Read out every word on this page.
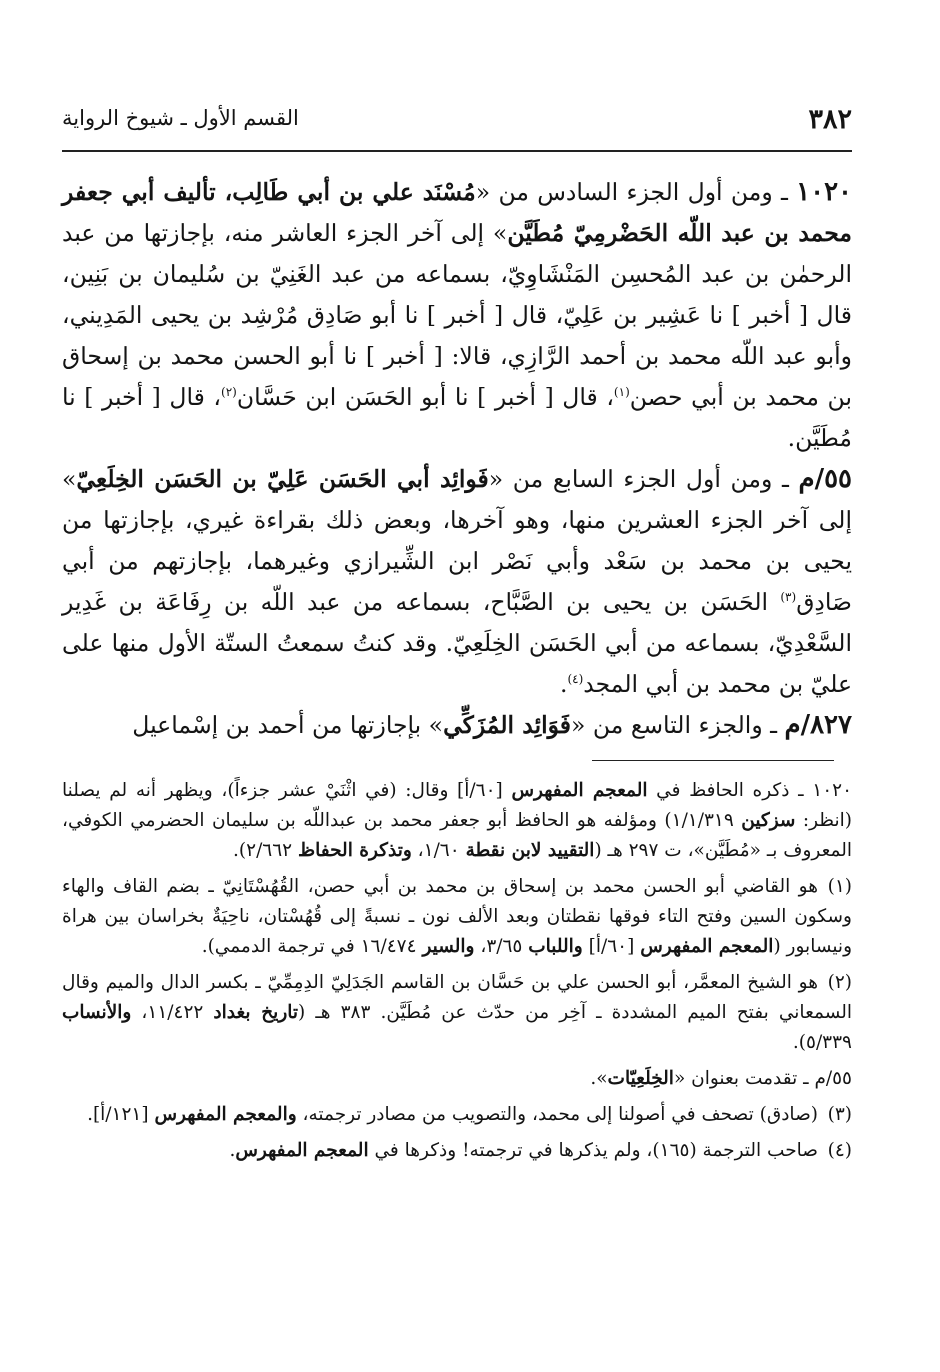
٣٨٢
القسم الأول ـ شيوخ الرواية

١٠٢٠ ـ ومن أول الجزء السادس من «مُسْنَد علي بن أبي طَالِب، تأليف أبي جعفر محمد بن عبد اللّه الحَضْرمِيّ مُطَيَّن» إلى آخر الجزء العاشر منه، بإجازتها من عبد الرحمٰن بن عبد المُحسِن المَنْشَاوِيّ، بسماعه من عبد الغَنِيّ بن سُليمان بن بَنِين، قال [ أخبر ] نا عَشِير بن عَلِيّ، قال [ أخبر ] نا أبو صَادِق مُرْشِد بن يحيى المَدِيني، وأبو عبد اللّه محمد بن أحمد الرَّازِي، قالا: [ أخبر ] نا أبو الحسن محمد بن إسحاق بن محمد بن أبي حصن$^{(١)}$، قال [ أخبر ] نا أبو الحَسَن ابن حَسَّان$^{(٢)}$، قال [ أخبر ] نا مُطَيَّن.

٥٥/م ـ ومن أول الجزء السابع من «فَوائِد أبي الحَسَن عَلِيّ بن الحَسَن الخِلَعِيّ» إلى آخر الجزء العشرين منها، وهو آخرها، وبعض ذلك بقراءة غيري، بإجازتها من يحيى بن محمد بن سَعْد وأبي نَصْر ابن الشِّيرازي وغيرهما، بإجازتهم من أبي صَادِق$^{(٣)}$ الحَسَن بن يحيى بن الصَّبَّاح، بسماعه من عبد اللّه بن رِفَاعَة بن غَدِير السَّعْدِيّ، بسماعه من أبي الحَسَن الخِلَعِيّ. وقد كنتُ سمعتُ الستّة الأول منها على عليّ بن محمد بن أبي المجد$^{(٤)}$.

٨٢٧/م ـ والجزء التاسع من «فَوَائِد المُزَكِّي» بإجازتها من أحمد بن إسْماعيل

١٠٢٠ ـ ذكره الحافظ في المعجم المفهرس [٦٠/أ] وقال: (في اثْنَيْ عشر جزءاً)، ويظهر أنه لم يصلنا (انظر: سزكين ١/١/٣١٩) ومؤلفه هو الحافظ أبو جعفر محمد بن عبداللّه بن سليمان الحضرمي الكوفي، المعروف بـ «مُطَيَّن»، ت ٢٩٧ هـ (التقييد لابن نقطة ١/٦٠، وتذكرة الحفاظ ٢/٦٦٢).

(١)هو القاضي أبو الحسن محمد بن إسحاق بن محمد بن أبي حصن، القُهُسْتَانِيّ ـ بضم القاف والهاء وسكون السين وفتح التاء فوقها نقطتان وبعد الألف نون ـ نسبةً إلى قُهُسْتان، ناحِيَةٌ بخراسان بين هراة ونيسابور (المعجم المفهرس [٦٠/أ] واللباب ٣/٦٥، والسير ١٦/٤٧٤ في ترجمة الدممي).

(٢)هو الشيخ المعمَّر، أبو الحسن علي بن حَسَّان بن القاسم الجَدَلِيّ الدِمِمِّيّ ـ بكسر الدال والميم وقال السمعاني بفتح الميم المشددة ـ آخِر من حدّث عن مُطَيَّن. ٣٨٣ هـ (تاريخ بغداد ١١/٤٢٢، والأنساب ٥/٣٣٩).

٥٥/م ـ تقدمت بعنوان «الخِلَعِيّات».

(٣)(صادق) تصحف في أصولنا إلى محمد، والتصويب من مصادر ترجمته، والمعجم المفهرس [١٢١/أ].

(٤)صاحب الترجمة (١٦٥)، ولم يذكرها في ترجمته! وذكرها في المعجم المفهرس.
